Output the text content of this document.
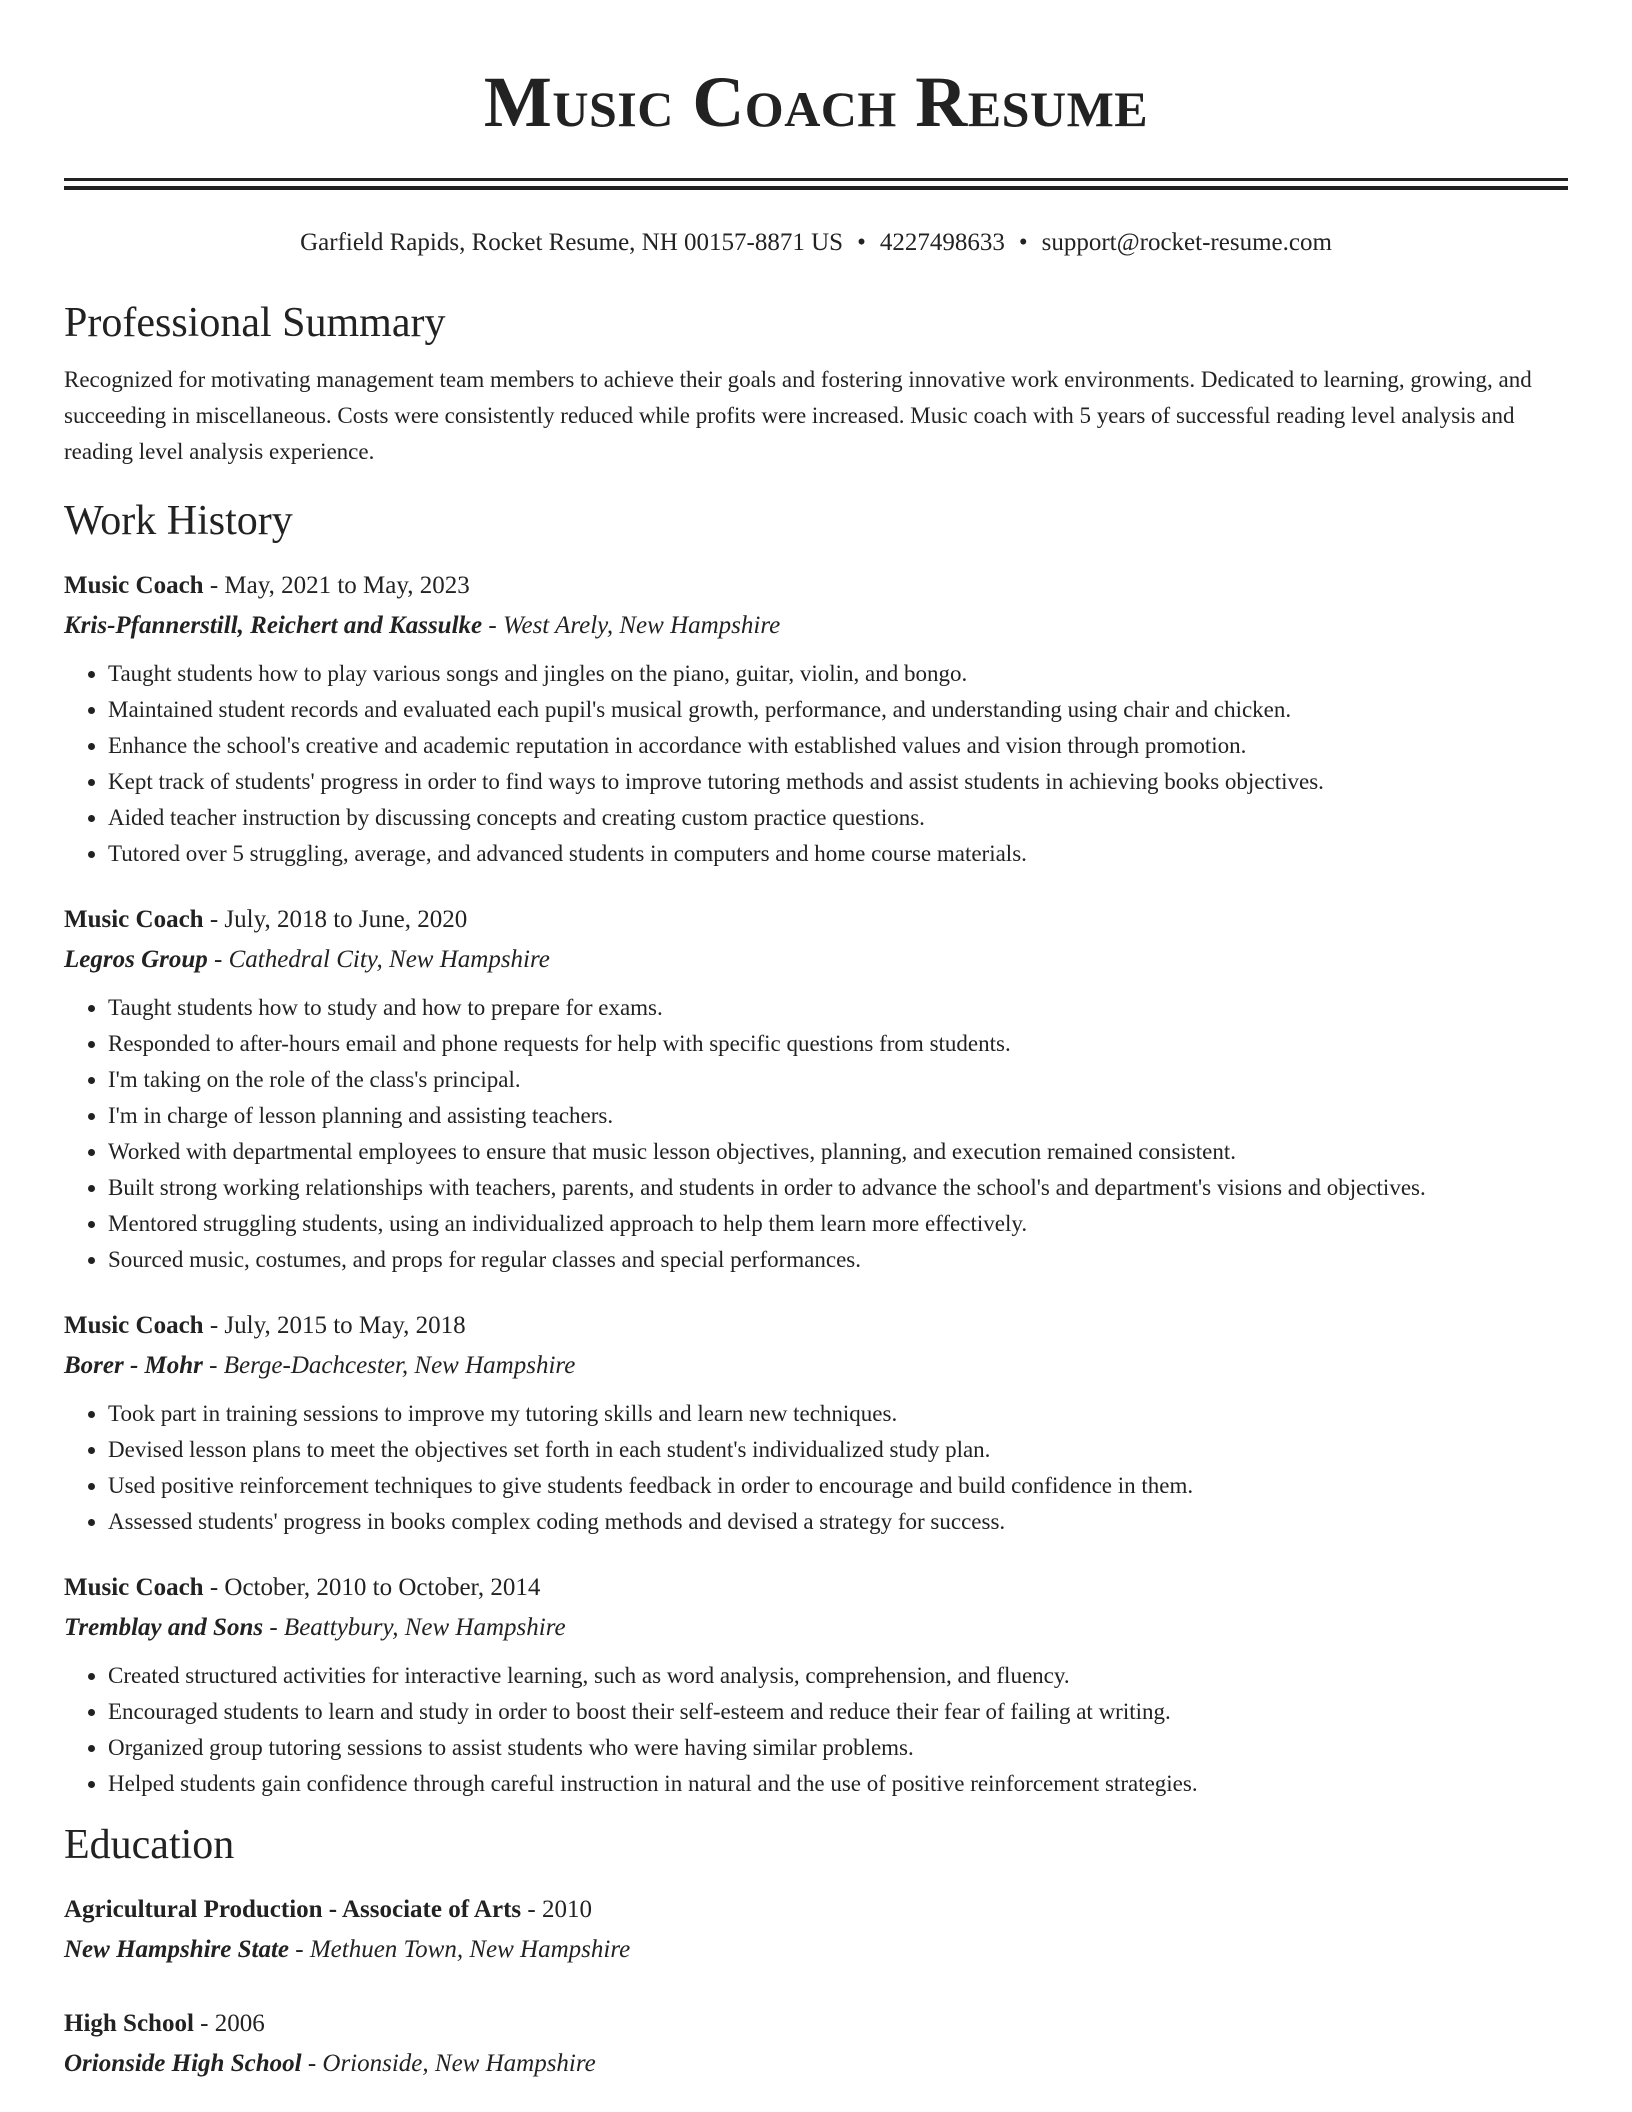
Music Coach Resume
Garfield Rapids, Rocket Resume, NH 00157-8871 US • 4227498633 • support@rocket-resume.com
Professional Summary
Recognized for motivating management team members to achieve their goals and fostering innovative work environments. Dedicated to learning, growing, and succeeding in miscellaneous. Costs were consistently reduced while profits were increased. Music coach with 5 years of successful reading level analysis and reading level analysis experience.
Work History
Music Coach - May, 2021 to May, 2023
Kris-Pfannerstill, Reichert and Kassulke - West Arely, New Hampshire
• Taught students how to play various songs and jingles on the piano, guitar, violin, and bongo.
• Maintained student records and evaluated each pupil's musical growth, performance, and understanding using chair and chicken.
• Enhance the school's creative and academic reputation in accordance with established values and vision through promotion.
• Kept track of students' progress in order to find ways to improve tutoring methods and assist students in achieving books objectives.
• Aided teacher instruction by discussing concepts and creating custom practice questions.
• Tutored over 5 struggling, average, and advanced students in computers and home course materials.
Music Coach - July, 2018 to June, 2020
Legros Group - Cathedral City, New Hampshire
• Taught students how to study and how to prepare for exams.
• Responded to after-hours email and phone requests for help with specific questions from students.
• I'm taking on the role of the class's principal.
• I'm in charge of lesson planning and assisting teachers.
• Worked with departmental employees to ensure that music lesson objectives, planning, and execution remained consistent.
• Built strong working relationships with teachers, parents, and students in order to advance the school's and department's visions and objectives.
• Mentored struggling students, using an individualized approach to help them learn more effectively.
• Sourced music, costumes, and props for regular classes and special performances.
Music Coach - July, 2015 to May, 2018
Borer - Mohr - Berge-Dachcester, New Hampshire
• Took part in training sessions to improve my tutoring skills and learn new techniques.
• Devised lesson plans to meet the objectives set forth in each student's individualized study plan.
• Used positive reinforcement techniques to give students feedback in order to encourage and build confidence in them.
• Assessed students' progress in books complex coding methods and devised a strategy for success.
Music Coach - October, 2010 to October, 2014
Tremblay and Sons - Beattybury, New Hampshire
• Created structured activities for interactive learning, such as word analysis, comprehension, and fluency.
• Encouraged students to learn and study in order to boost their self-esteem and reduce their fear of failing at writing.
• Organized group tutoring sessions to assist students who were having similar problems.
• Helped students gain confidence through careful instruction in natural and the use of positive reinforcement strategies.
Education
Agricultural Production - Associate of Arts - 2010
New Hampshire State - Methuen Town, New Hampshire
High School - 2006
Orionside High School - Orionside, New Hampshire
